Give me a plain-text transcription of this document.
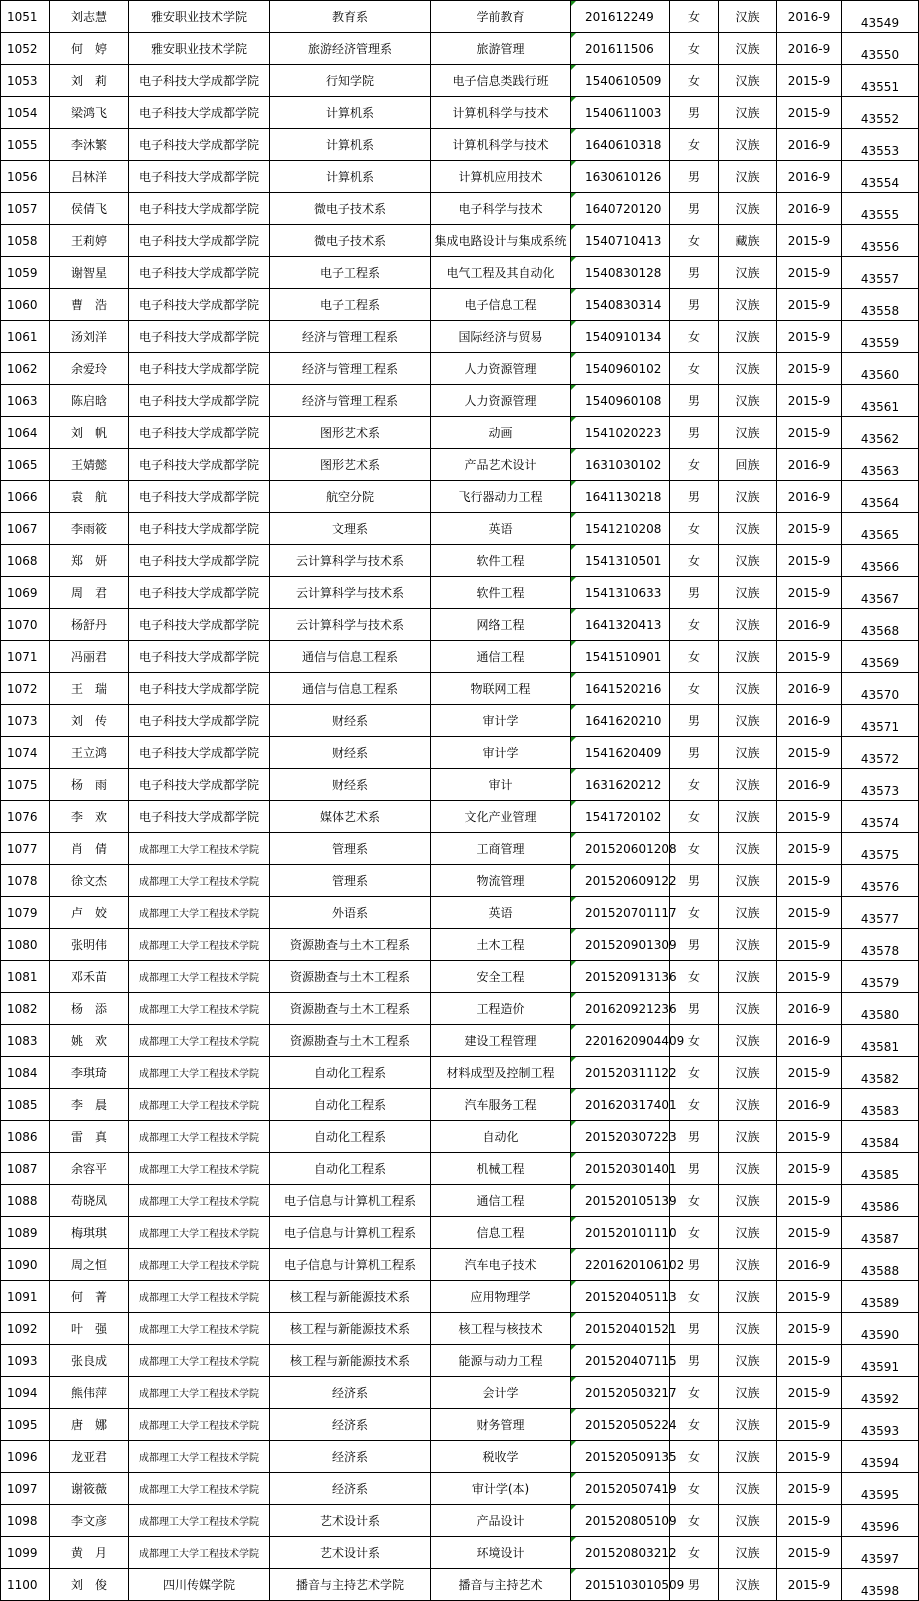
1051	刘志慧	雅安职业技术学院	教育系	学前教育	201612249	女	汉族	2016-9	43549
1052	何　婷	雅安职业技术学院	旅游经济管理系	旅游管理	201611506	女	汉族	2016-9	43550
1053	刘　莉	电子科技大学成都学院	行知学院	电子信息类践行班	1540610509	女	汉族	2015-9	43551
1054	梁鸿飞	电子科技大学成都学院	计算机系	计算机科学与技术	1540611003	男	汉族	2015-9	43552
1055	李沐繁	电子科技大学成都学院	计算机系	计算机科学与技术	1640610318	女	汉族	2016-9	43553
1056	吕林洋	电子科技大学成都学院	计算机系	计算机应用技术	1630610126	男	汉族	2016-9	43554
1057	侯倩飞	电子科技大学成都学院	微电子技术系	电子科学与技术	1640720120	男	汉族	2016-9	43555
1058	王莉婷	电子科技大学成都学院	微电子技术系	集成电路设计与集成系统	1540710413	女	藏族	2015-9	43556
1059	谢智星	电子科技大学成都学院	电子工程系	电气工程及其自动化	1540830128	男	汉族	2015-9	43557
1060	曹　浩	电子科技大学成都学院	电子工程系	电子信息工程	1540830314	男	汉族	2015-9	43558
1061	汤刘洋	电子科技大学成都学院	经济与管理工程系	国际经济与贸易	1540910134	女	汉族	2015-9	43559
1062	余爱玲	电子科技大学成都学院	经济与管理工程系	人力资源管理	1540960102	女	汉族	2015-9	43560
1063	陈启晗	电子科技大学成都学院	经济与管理工程系	人力资源管理	1540960108	男	汉族	2015-9	43561
1064	刘　帆	电子科技大学成都学院	图形艺术系	动画	1541020223	男	汉族	2015-9	43562
1065	王婧懿	电子科技大学成都学院	图形艺术系	产品艺术设计	1631030102	女	回族	2016-9	43563
1066	袁　航	电子科技大学成都学院	航空分院	飞行器动力工程	1641130218	男	汉族	2016-9	43564
1067	李雨筱	电子科技大学成都学院	文理系	英语	1541210208	女	汉族	2015-9	43565
1068	郑　妍	电子科技大学成都学院	云计算科学与技术系	软件工程	1541310501	女	汉族	2015-9	43566
1069	周　君	电子科技大学成都学院	云计算科学与技术系	软件工程	1541310633	男	汉族	2015-9	43567
1070	杨舒丹	电子科技大学成都学院	云计算科学与技术系	网络工程	1641320413	女	汉族	2016-9	43568
1071	冯丽君	电子科技大学成都学院	通信与信息工程系	通信工程	1541510901	女	汉族	2015-9	43569
1072	王　瑞	电子科技大学成都学院	通信与信息工程系	物联网工程	1641520216	女	汉族	2016-9	43570
1073	刘　传	电子科技大学成都学院	财经系	审计学	1641620210	男	汉族	2016-9	43571
1074	王立鸿	电子科技大学成都学院	财经系	审计学	1541620409	男	汉族	2015-9	43572
1075	杨　雨	电子科技大学成都学院	财经系	审计	1631620212	女	汉族	2016-9	43573
1076	李　欢	电子科技大学成都学院	媒体艺术系	文化产业管理	1541720102	女	汉族	2015-9	43574
1077	肖　倩	成都理工大学工程技术学院	管理系	工商管理	201520601208	女	汉族	2015-9	43575
1078	徐文杰	成都理工大学工程技术学院	管理系	物流管理	201520609122	男	汉族	2015-9	43576
1079	卢　姣	成都理工大学工程技术学院	外语系	英语	201520701117	女	汉族	2015-9	43577
1080	张明伟	成都理工大学工程技术学院	资源勘查与土木工程系	土木工程	201520901309	男	汉族	2015-9	43578
1081	邓禾苗	成都理工大学工程技术学院	资源勘查与土木工程系	安全工程	201520913136	女	汉族	2015-9	43579
1082	杨　添	成都理工大学工程技术学院	资源勘查与土木工程系	工程造价	201620921236	男	汉族	2016-9	43580
1083	姚　欢	成都理工大学工程技术学院	资源勘查与土木工程系	建设工程管理	2201620904409	女	汉族	2016-9	43581
1084	李琪琦	成都理工大学工程技术学院	自动化工程系	材料成型及控制工程	201520311122	女	汉族	2015-9	43582
1085	李　晨	成都理工大学工程技术学院	自动化工程系	汽车服务工程	201620317401	女	汉族	2016-9	43583
1086	雷　真	成都理工大学工程技术学院	自动化工程系	自动化	201520307223	男	汉族	2015-9	43584
1087	余容平	成都理工大学工程技术学院	自动化工程系	机械工程	201520301401	男	汉族	2015-9	43585
1088	苟晓凤	成都理工大学工程技术学院	电子信息与计算机工程系	通信工程	201520105139	女	汉族	2015-9	43586
1089	梅琪琪	成都理工大学工程技术学院	电子信息与计算机工程系	信息工程	201520101110	女	汉族	2015-9	43587
1090	周之恒	成都理工大学工程技术学院	电子信息与计算机工程系	汽车电子技术	2201620106102	男	汉族	2016-9	43588
1091	何　菁	成都理工大学工程技术学院	核工程与新能源技术系	应用物理学	201520405113	女	汉族	2015-9	43589
1092	叶　强	成都理工大学工程技术学院	核工程与新能源技术系	核工程与核技术	201520401521	男	汉族	2015-9	43590
1093	张良成	成都理工大学工程技术学院	核工程与新能源技术系	能源与动力工程	201520407115	男	汉族	2015-9	43591
1094	熊伟萍	成都理工大学工程技术学院	经济系	会计学	201520503217	女	汉族	2015-9	43592
1095	唐　娜	成都理工大学工程技术学院	经济系	财务管理	201520505224	女	汉族	2015-9	43593
1096	龙亚君	成都理工大学工程技术学院	经济系	税收学	201520509135	女	汉族	2015-9	43594
1097	谢筱薇	成都理工大学工程技术学院	经济系	审计学(本)	201520507419	女	汉族	2015-9	43595
1098	李文彦	成都理工大学工程技术学院	艺术设计系	产品设计	201520805109	女	汉族	2015-9	43596
1099	黄　月	成都理工大学工程技术学院	艺术设计系	环境设计	201520803212	女	汉族	2015-9	43597
1100	刘　俊	四川传媒学院	播音与主持艺术学院	播音与主持艺术	2015103010509	男	汉族	2015-9	43598
